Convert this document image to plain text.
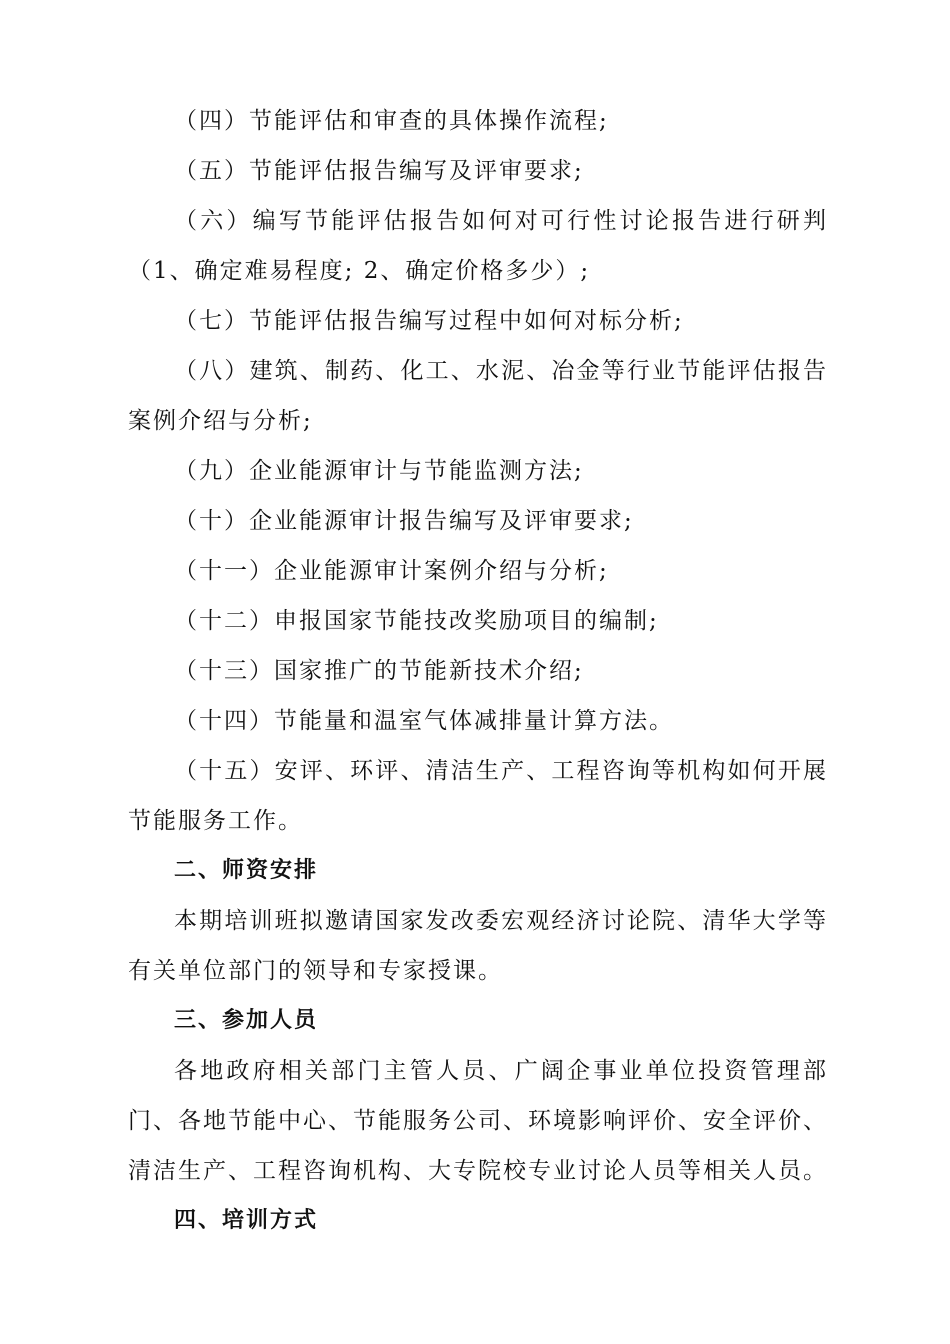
（四）节能评估和审查的具体操作流程;

（五）节能评估报告编写及评审要求;

（六）编写节能评估报告如何对可行性讨论报告进行研判（1、确定难易程度; 2、确定价格多少）;

（七）节能评估报告编写过程中如何对标分析;

（八）建筑、制药、化工、水泥、冶金等行业节能评估报告案例介绍与分析;

（九）企业能源审计与节能监测方法;

（十）企业能源审计报告编写及评审要求;

（十一）企业能源审计案例介绍与分析;

（十二）申报国家节能技改奖励项目的编制;

（十三）国家推广的节能新技术介绍;

（十四）节能量和温室气体减排量计算方法。

（十五）安评、环评、清洁生产、工程咨询等机构如何开展节能服务工作。

二、师资安排

本期培训班拟邀请国家发改委宏观经济讨论院、清华大学等有关单位部门的领导和专家授课。

三、参加人员

各地政府相关部门主管人员、广阔企事业单位投资管理部门、各地节能中心、节能服务公司、环境影响评价、安全评价、清洁生产、工程咨询机构、大专院校专业讨论人员等相关人员。

四、培训方式
